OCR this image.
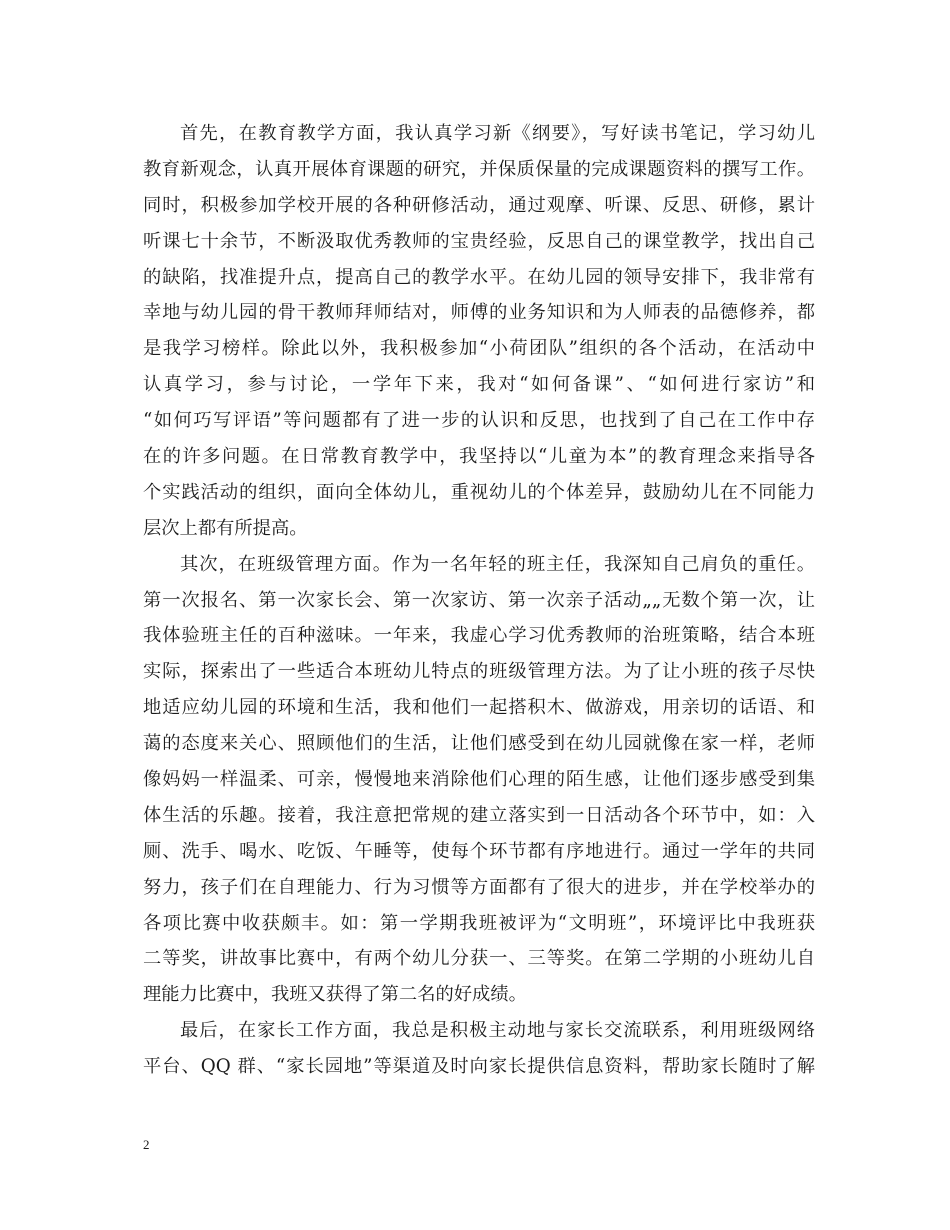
首先，在教育教学方面，我认真学习新《纲要》，写好读书笔记，学习幼儿
教育新观念，认真开展体育课题的研究，并保质保量的完成课题资料的撰写工作。
同时，积极参加学校开展的各种研修活动，通过观摩、听课、反思、研修，累计
听课七十余节，不断汲取优秀教师的宝贵经验，反思自己的课堂教学，找出自己
的缺陷，找准提升点，提高自己的教学水平。在幼儿园的领导安排下，我非常有
幸地与幼儿园的骨干教师拜师结对，师傅的业务知识和为人师表的品德修养，都
是我学习榜样。除此以外，我积极参加“小荷团队”组织的各个活动，在活动中
认真学习，参与讨论，一学年下来，我对“如何备课”、“如何进行家访”和
“如何巧写评语”等问题都有了进一步的认识和反思，也找到了自己在工作中存
在的许多问题。在日常教育教学中，我坚持以“儿童为本”的教育理念来指导各
个实践活动的组织，面向全体幼儿，重视幼儿的个体差异，鼓励幼儿在不同能力
层次上都有所提高。
其次，在班级管理方面。作为一名年轻的班主任，我深知自己肩负的重任。
第一次报名、第一次家长会、第一次家访、第一次亲子活动„„无数个第一次，让
我体验班主任的百种滋味。一年来，我虚心学习优秀教师的治班策略，结合本班
实际，探索出了一些适合本班幼儿特点的班级管理方法。为了让小班的孩子尽快
地适应幼儿园的环境和生活，我和他们一起搭积木、做游戏，用亲切的话语、和
蔼的态度来关心、照顾他们的生活，让他们感受到在幼儿园就像在家一样，老师
像妈妈一样温柔、可亲，慢慢地来消除他们心理的陌生感，让他们逐步感受到集
体生活的乐趣。接着，我注意把常规的建立落实到一日活动各个环节中，如：入
厕、洗手、喝水、吃饭、午睡等，使每个环节都有序地进行。通过一学年的共同
努力，孩子们在自理能力、行为习惯等方面都有了很大的进步，并在学校举办的
各项比赛中收获颇丰。如：第一学期我班被评为“文明班”，环境评比中我班获
二等奖，讲故事比赛中，有两个幼儿分获一、三等奖。在第二学期的小班幼儿自
理能力比赛中，我班又获得了第二名的好成绩。
最后，在家长工作方面，我总是积极主动地与家长交流联系，利用班级网络
平台、QQ 群、“家长园地”等渠道及时向家长提供信息资料，帮助家长随时了解
2
